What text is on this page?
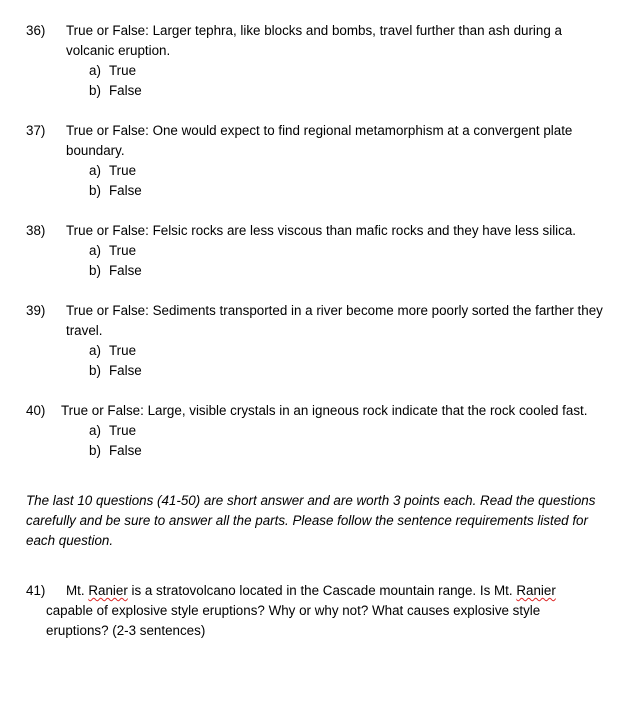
36) True or False: Larger tephra, like blocks and bombs, travel further than ash during a volcanic eruption.
a) True
b) False
37) True or False: One would expect to find regional metamorphism at a convergent plate boundary.
a) True
b) False
38) True or False: Felsic rocks are less viscous than mafic rocks and they have less silica.
a) True
b) False
39) True or False: Sediments transported in a river become more poorly sorted the farther they travel.
a) True
b) False
40) True or False: Large, visible crystals in an igneous rock indicate that the rock cooled fast.
a) True
b) False
The last 10 questions (41-50) are short answer and are worth 3 points each. Read the questions carefully and be sure to answer all the parts. Please follow the sentence requirements listed for each question.
41)	Mt. Ranier is a stratovolcano located in the Cascade mountain range. Is Mt. Ranier capable of explosive style eruptions? Why or why not? What causes explosive style eruptions? (2-3 sentences)
